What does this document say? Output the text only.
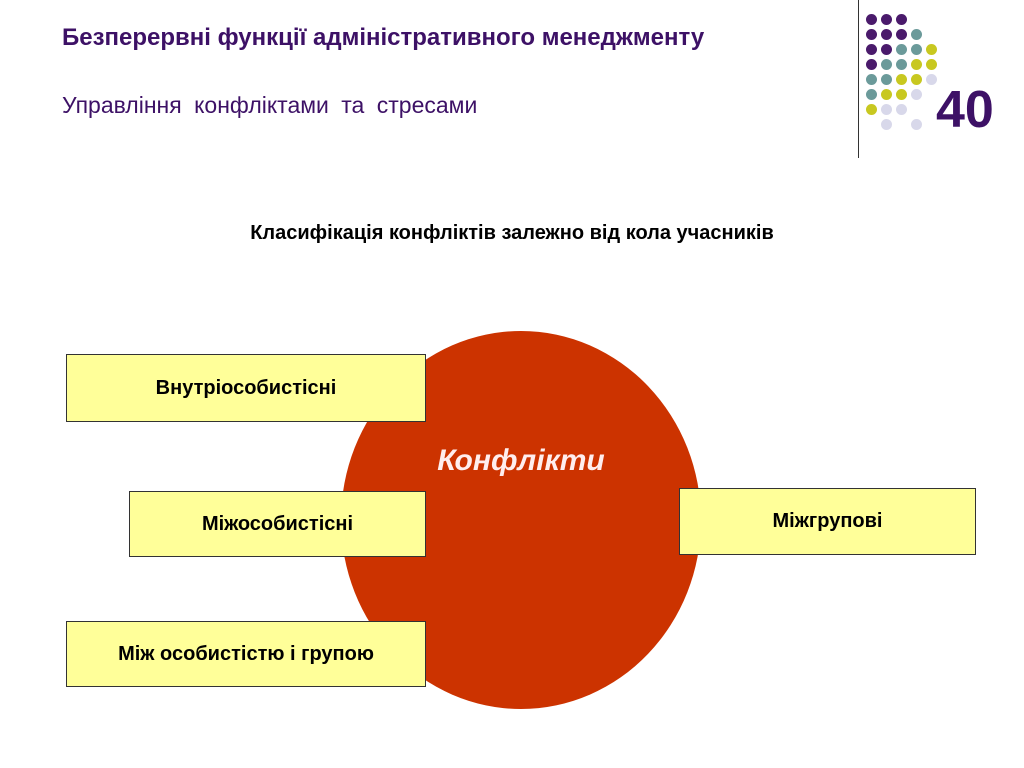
Безперервні функції адміністративного менеджменту
Управління конфліктами та стресами	40
Класифікація конфліктів залежно від кола учасників
Конфлікти
Внутріособистісні
Міжособистісні
Між особистістю і групою
Міжгрупові
